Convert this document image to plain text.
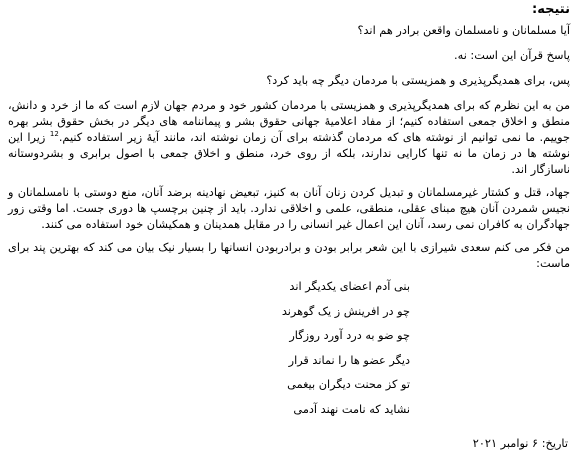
نتیجه:
آیا مسلمانان و نامسلمان واقعن برادر هم اند؟
پاسخ قرآن این است: نه.
پس، برای همدیگرپذیری و همزیستی با مردمان دیگر چه باید کرد؟
من به این نظرم که برای همدیگرپذیری و همزیستی با مردمان کشور خود و مردم جهان لازم است که ما از خرد و دانش، منطق و اخلاق جمعی استفاده کنیم؛ از مفاد اعلامیهٔ جهانی حقوق بشر و پیماننامه های دیگر در بخش حقوق بشر بهره جوییم. ما نمی توانیم از نوشته های که مردمان گذشته برای آن زمان نوشته اند، مانند آیهٔ زیر استفاده کنیم.$^{12}$ زیرا این نوشته ها در زمان ما نه تنها کارایی ندارند، بلکه از روی خرد، منطق و اخلاق جمعی با اصول برابری و بشردوستانه ناسازگار اند.
جهاد، قتل و کشتار غیرمسلمانان و تبدیل کردن زنان آنان به کنیز، تبعیض نهادینه برضد آنان، منع دوستی با نامسلمانان و نجیس شمردن آنان هیچ مبنای عقلی، منطقی، علمی و اخلاقی ندارد. باید از چنین برچسپ ها دوری جست. اما وقتی زور جهادگران به کافران نمی رسد، آنان این اعمال غیر انسانی را در مقابل همدینان و همکیشان خود استفاده می کنند.
من فکر می کنم سعدی شیرازی با این شعر برابر بودن و برادربودن انسانها را بسیار نیک بیان می کند که بهترین پند برای ماست:
بنی آدم اعضای یکدیگر اند
چو در افرینش ز یک گوهرند
چو ضو به درد آورد روزگار
دیگر عضو ها را نماند قرار
تو کز محنت دیگران بیغمی
نشاید که نامت نهند آدمی
تاریخ: ۶ نوامبر ۲۰۲۱
